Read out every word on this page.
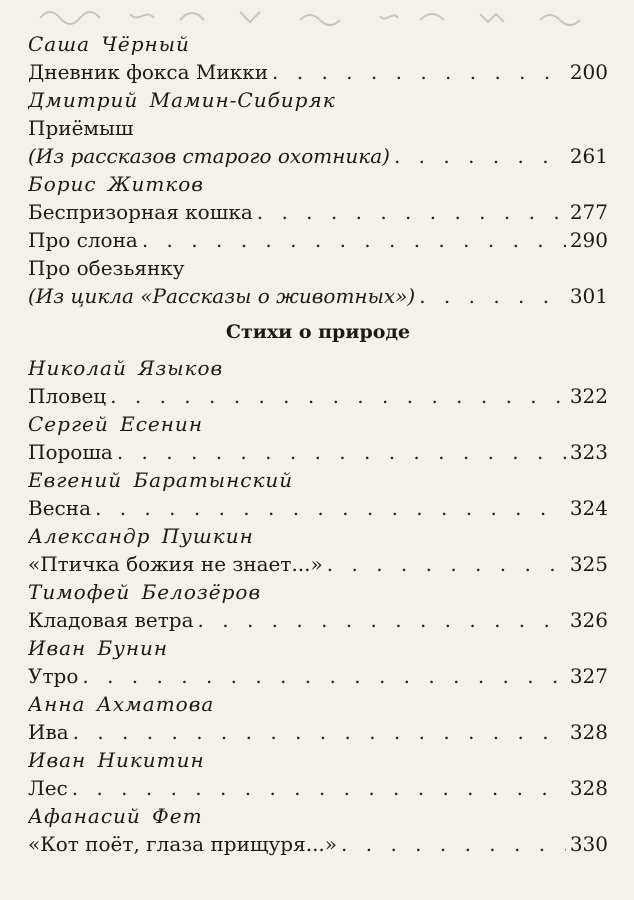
Саша Чёрный
Дневник фокса Микки . . .	200
Дмитрий Мамин-Сибиряк
Приёмыш
(Из рассказов старого охотника) . . .	261
Борис Житков
Беспризорная кошка . . .	277
Про слона . . .	290
Про обезьянку
(Из цикла «Рассказы о животных») . . .	301
Стихи о природе
Николай Языков
Пловец . . .	322
Сергей Есенин
Пороша . . .	323
Евгений Баратынский
Весна . . .	324
Александр Пушкин
«Птичка божия не знает...» . . .	325
Тимофей Белозёров
Кладовая ветра . . .	326
Иван Бунин
Утро . . .	327
Анна Ахматова
Ива . . .	328
Иван Никитин
Лес . . .	328
Афанасий Фет
«Кот поёт, глаза прищуря...» . . .	330
